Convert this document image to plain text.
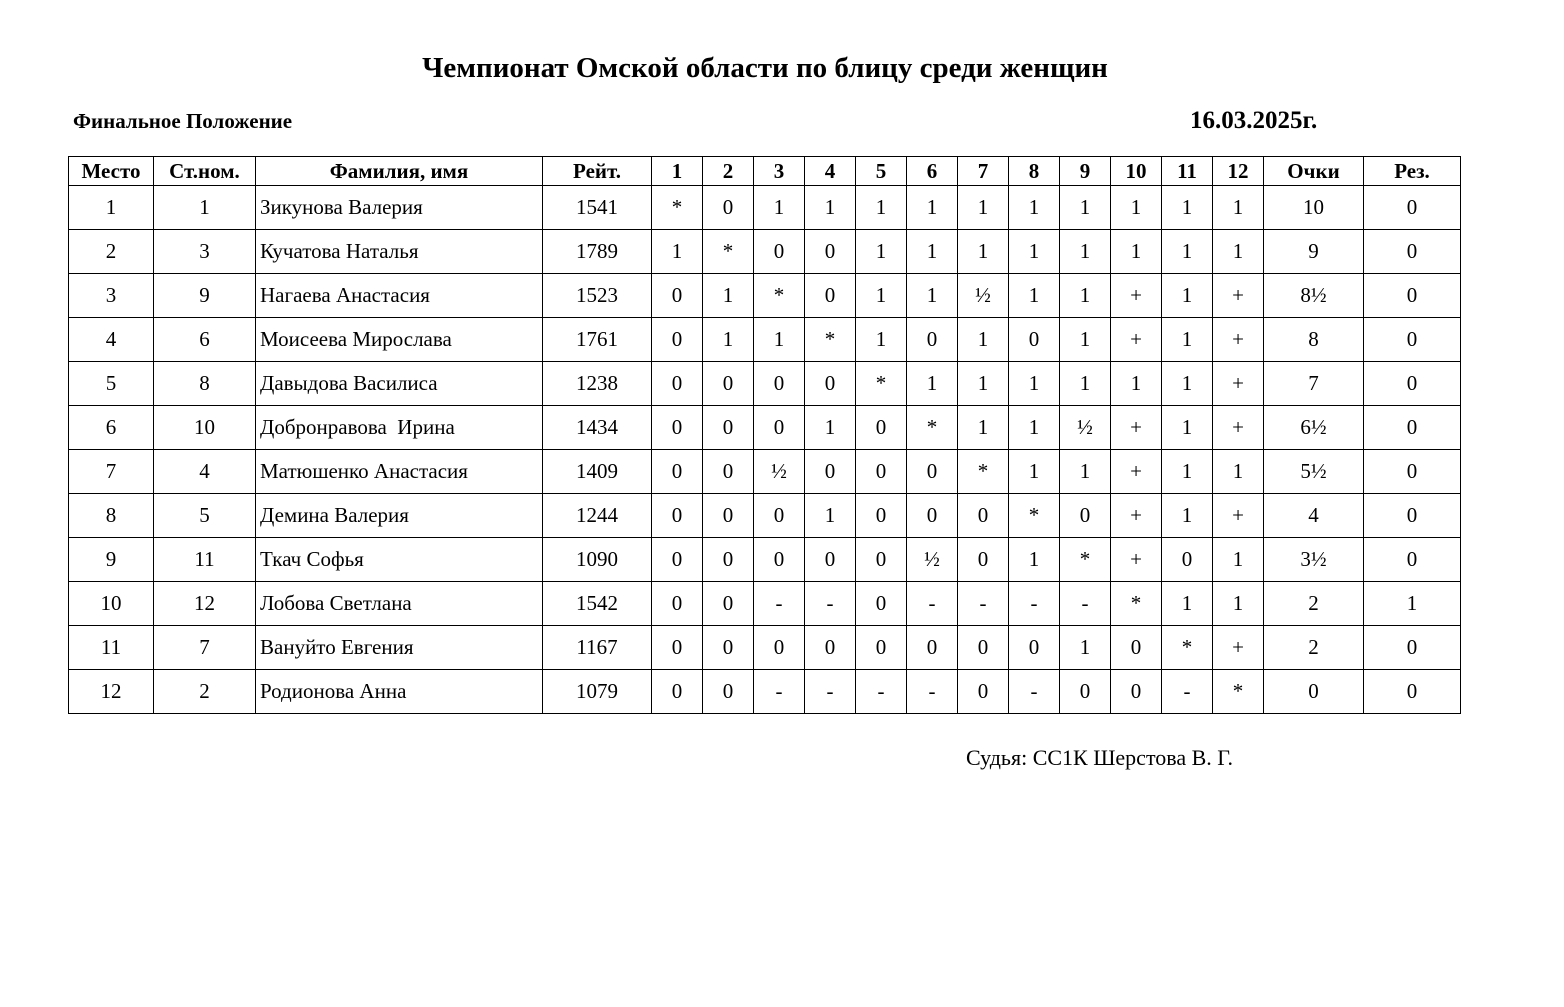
Чемпионат Омской области по блицу среди женщин
Финальное Положение	16.03.2025г.
Место	Ст.ном.	Фамилия, имя	Рейт.	1	2	3	4	5	6	7	8	9	10	11	12	Очки	Рез.
1	1	Зикунова Валерия	1541	*	0	1	1	1	1	1	1	1	1	1	1	10	0
2	3	Кучатова Наталья	1789	1	*	0	0	1	1	1	1	1	1	1	1	9	0
3	9	Нагаева Анастасия	1523	0	1	*	0	1	1	½	1	1	+	1	+	8½	0
4	6	Моисеева Мирослава	1761	0	1	1	*	1	0	1	0	1	+	1	+	8	0
5	8	Давыдова Василиса	1238	0	0	0	0	*	1	1	1	1	1	1	+	7	0
6	10	Добронравова  Ирина	1434	0	0	0	1	0	*	1	1	½	+	1	+	6½	0
7	4	Матюшенко Анастасия	1409	0	0	½	0	0	0	*	1	1	+	1	1	5½	0
8	5	Демина Валерия	1244	0	0	0	1	0	0	0	*	0	+	1	+	4	0
9	11	Ткач Софья	1090	0	0	0	0	0	½	0	1	*	+	0	1	3½	0
10	12	Лобова Светлана	1542	0	0	-	-	0	-	-	-	-	*	1	1	2	1
11	7	Вануйто Евгения	1167	0	0	0	0	0	0	0	0	1	0	*	+	2	0
12	2	Родионова Анна	1079	0	0	-	-	-	-	0	-	0	0	-	*	0	0
Судья: СС1К Шерстова В. Г.
